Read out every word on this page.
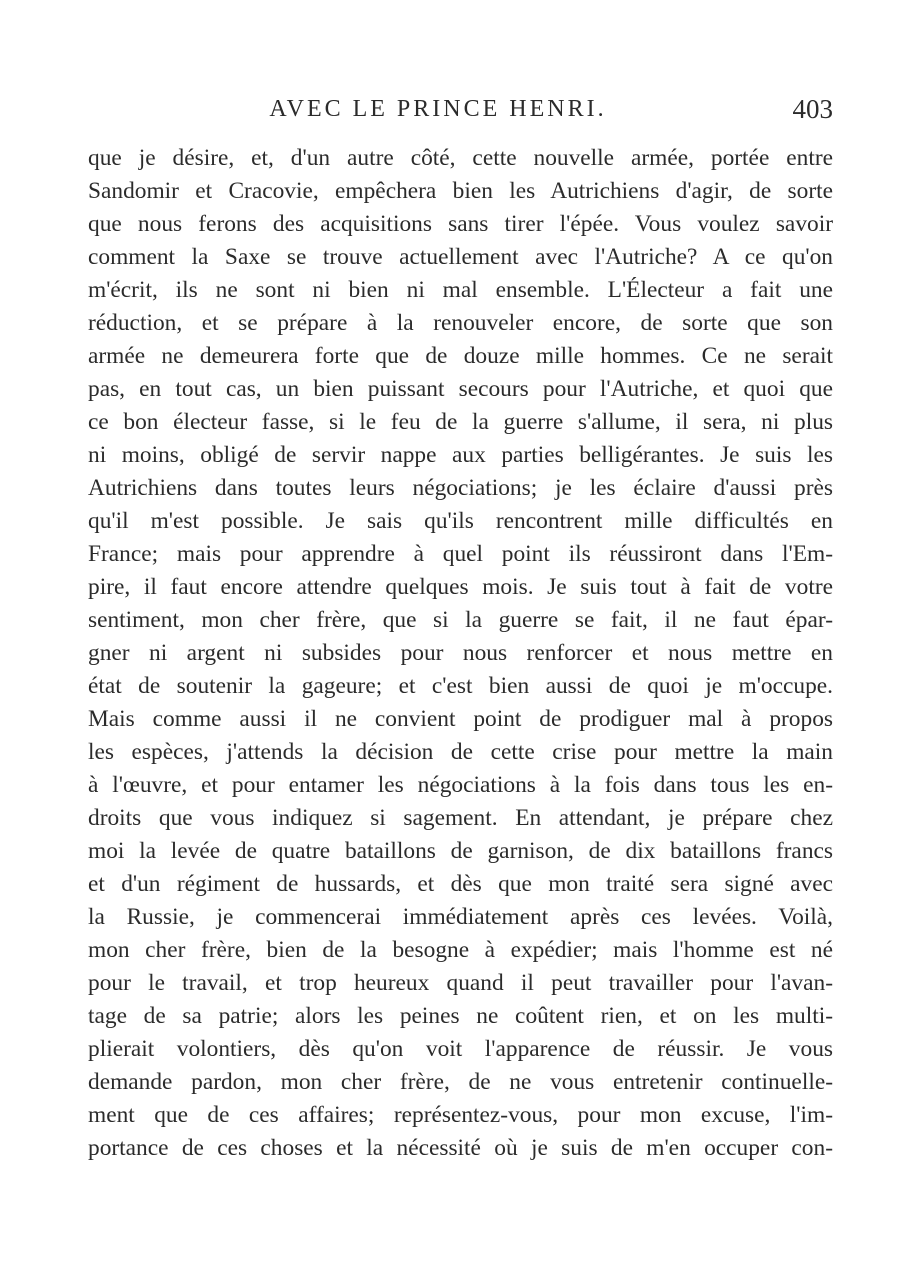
AVEC LE PRINCE HENRI.	403
que je désire, et, d'un autre côté, cette nouvelle armée, portée entre
Sandomir et Cracovie, empêchera bien les Autrichiens d'agir, de sorte
que nous ferons des acquisitions sans tirer l'épée. Vous voulez savoir
comment la Saxe se trouve actuellement avec l'Autriche? A ce qu'on
m'écrit, ils ne sont ni bien ni mal ensemble. L'Électeur a fait une
réduction, et se prépare à la renouveler encore, de sorte que son
armée ne demeurera forte que de douze mille hommes. Ce ne serait
pas, en tout cas, un bien puissant secours pour l'Autriche, et quoi que
ce bon électeur fasse, si le feu de la guerre s'allume, il sera, ni plus
ni moins, obligé de servir nappe aux parties belligérantes. Je suis les
Autrichiens dans toutes leurs négociations; je les éclaire d'aussi près
qu'il m'est possible. Je sais qu'ils rencontrent mille difficultés en
France; mais pour apprendre à quel point ils réussiront dans l'Em-
pire, il faut encore attendre quelques mois. Je suis tout à fait de votre
sentiment, mon cher frère, que si la guerre se fait, il ne faut épar-
gner ni argent ni subsides pour nous renforcer et nous mettre en
état de soutenir la gageure; et c'est bien aussi de quoi je m'occupe.
Mais comme aussi il ne convient point de prodiguer mal à propos
les espèces, j'attends la décision de cette crise pour mettre la main
à l'œuvre, et pour entamer les négociations à la fois dans tous les en-
droits que vous indiquez si sagement. En attendant, je prépare chez
moi la levée de quatre bataillons de garnison, de dix bataillons francs
et d'un régiment de hussards, et dès que mon traité sera signé avec
la Russie, je commencerai immédiatement après ces levées. Voilà,
mon cher frère, bien de la besogne à expédier; mais l'homme est né
pour le travail, et trop heureux quand il peut travailler pour l'avan-
tage de sa patrie; alors les peines ne coûtent rien, et on les multi-
plierait volontiers, dès qu'on voit l'apparence de réussir. Je vous
demande pardon, mon cher frère, de ne vous entretenir continuelle-
ment que de ces affaires; représentez-vous, pour mon excuse, l'im-
portance de ces choses et la nécessité où je suis de m'en occuper con-
